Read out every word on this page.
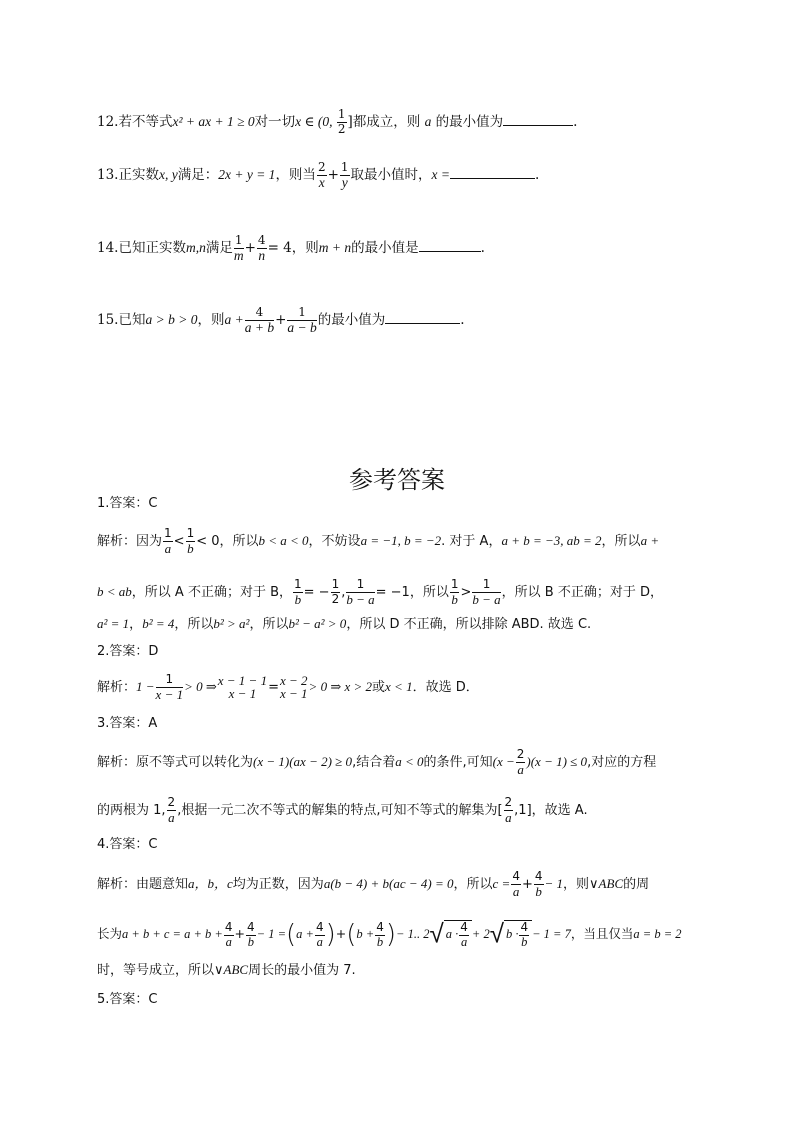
12.若不等式x² + ax + 1 ≥ 0对一切x ∈ (0, $\frac{1}{2}$ ]都成立，则 a 的最小值为	.
13.正实数x, y满足：2x + y = 1，则当 $\frac{2}{x}+ \frac{1}{y}$取最小值时，x =	.
14.已知正实数m,n满足 $\frac{1}{m}+ \frac{4}{n}= 4$，则m + n的最小值是	.
15.已知a > b > 0，则$a + \frac{4}{a + b}+ \frac{1}{a - b}$的最小值为	.
参考答案
1.答案：C
解析：因为 $\frac{1}{a}< \frac{1}{b}< 0$，所以b < a < 0，不妨设a = −1, b = −2. 对于 A，a + b = −3, ab = 2，所以a +
b < ab，所以 A 不正确；对于 B， $\frac{1}{b}= - \frac{1}{2}$ , $\frac{1}{b - a}= -1$，所以 $\frac{1}{b}> \frac{1}{b - a}$，所以 B 不正确；对于 D，
a² = 1，b² = 4，所以b² > a²，所以b² − a² > 0，所以 D 不正确，所以排除 ABD. 故选 C.
2.答案：D
解析：$1 - \frac{1}{x - 1}> 0$ ⇒ x − 1 − 1
x − 1 = x − 2
x − 1 > 0 ⇒ x > 2或x < 1．故选 D．
3.答案：A
解析：原不等式可以转化为(x − 1)(ax − 2) ≥ 0,结合着a < 0的条件,可知$(x - \frac{2}{a})(x - 1) \le 0$,对应的方程
的两根为 1, $\frac{2}{a}$,根据一元二次不等式的解集的特点,可知不等式的解集为[ $\frac{2}{a},1$]，故选 A.
4.答案：C
解析：由题意知a，b，c均为正数，因为a(b − 4) + b(ac − 4) = 0，所以$c = \frac{4}{a}+ \frac{4}{b}- 1$，则∨ABC的周
长为$a + b + c = a + b + \frac{4}{a}+ \frac{4}{b}- 1 =(a + \frac{4}{a})+(b + \frac{4}{b})- 1$.. 2√ $a \cdot \frac{4}{a} + 2√$ $b \cdot \frac{4}{b} - 1 = 7$，当且仅当a = b = 2
时，等号成立，所以∨ABC周长的最小值为 7.
5.答案：C
